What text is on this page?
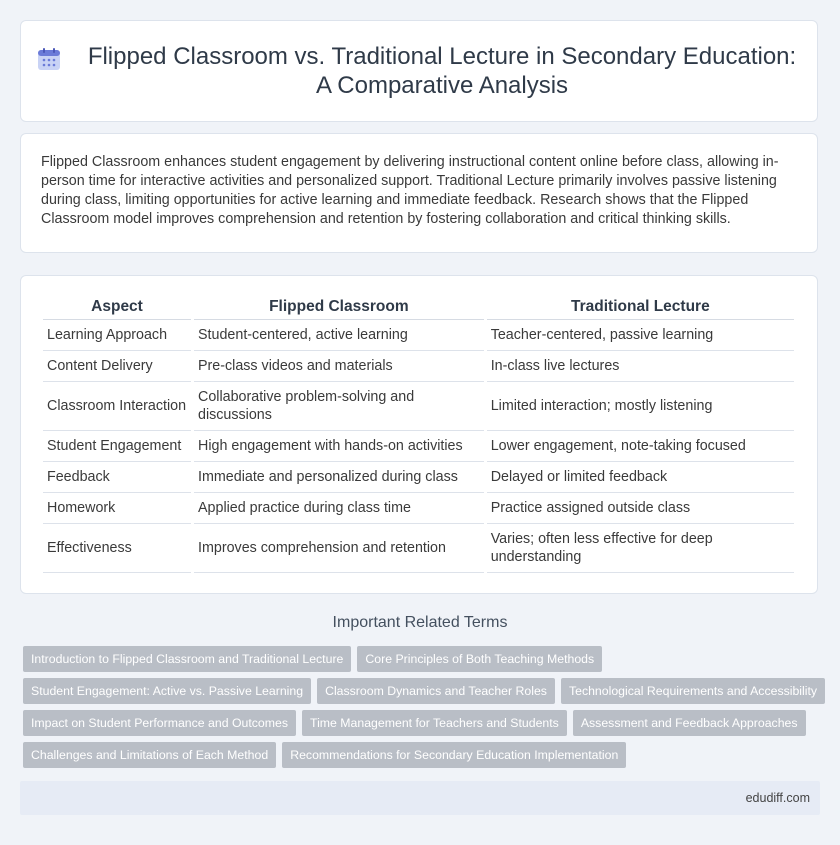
Flipped Classroom vs. Traditional Lecture in Secondary Education: A Comparative Analysis

Flipped Classroom enhances student engagement by delivering instructional content online before class, allowing in-person time for interactive activities and personalized support. Traditional Lecture primarily involves passive listening during class, limiting opportunities for active learning and immediate feedback. Research shows that the Flipped Classroom model improves comprehension and retention by fostering collaboration and critical thinking skills.

Aspect	Flipped Classroom	Traditional Lecture
Learning Approach	Student-centered, active learning	Teacher-centered, passive learning
Content Delivery	Pre-class videos and materials	In-class live lectures
Classroom Interaction	Collaborative problem-solving and discussions	Limited interaction; mostly listening
Student Engagement	High engagement with hands-on activities	Lower engagement, note-taking focused
Feedback	Immediate and personalized during class	Delayed or limited feedback
Homework	Applied practice during class time	Practice assigned outside class
Effectiveness	Improves comprehension and retention	Varies; often less effective for deep understanding
Important Related Terms
Introduction to Flipped Classroom and Traditional Lecture	Core Principles of Both Teaching Methods
Student Engagement: Active vs. Passive Learning	Classroom Dynamics and Teacher Roles	Technological Requirements and Accessibility
Impact on Student Performance and Outcomes	Time Management for Teachers and Students	Assessment and Feedback Approaches
Challenges and Limitations of Each Method	Recommendations for Secondary Education Implementation
edudiff.com
